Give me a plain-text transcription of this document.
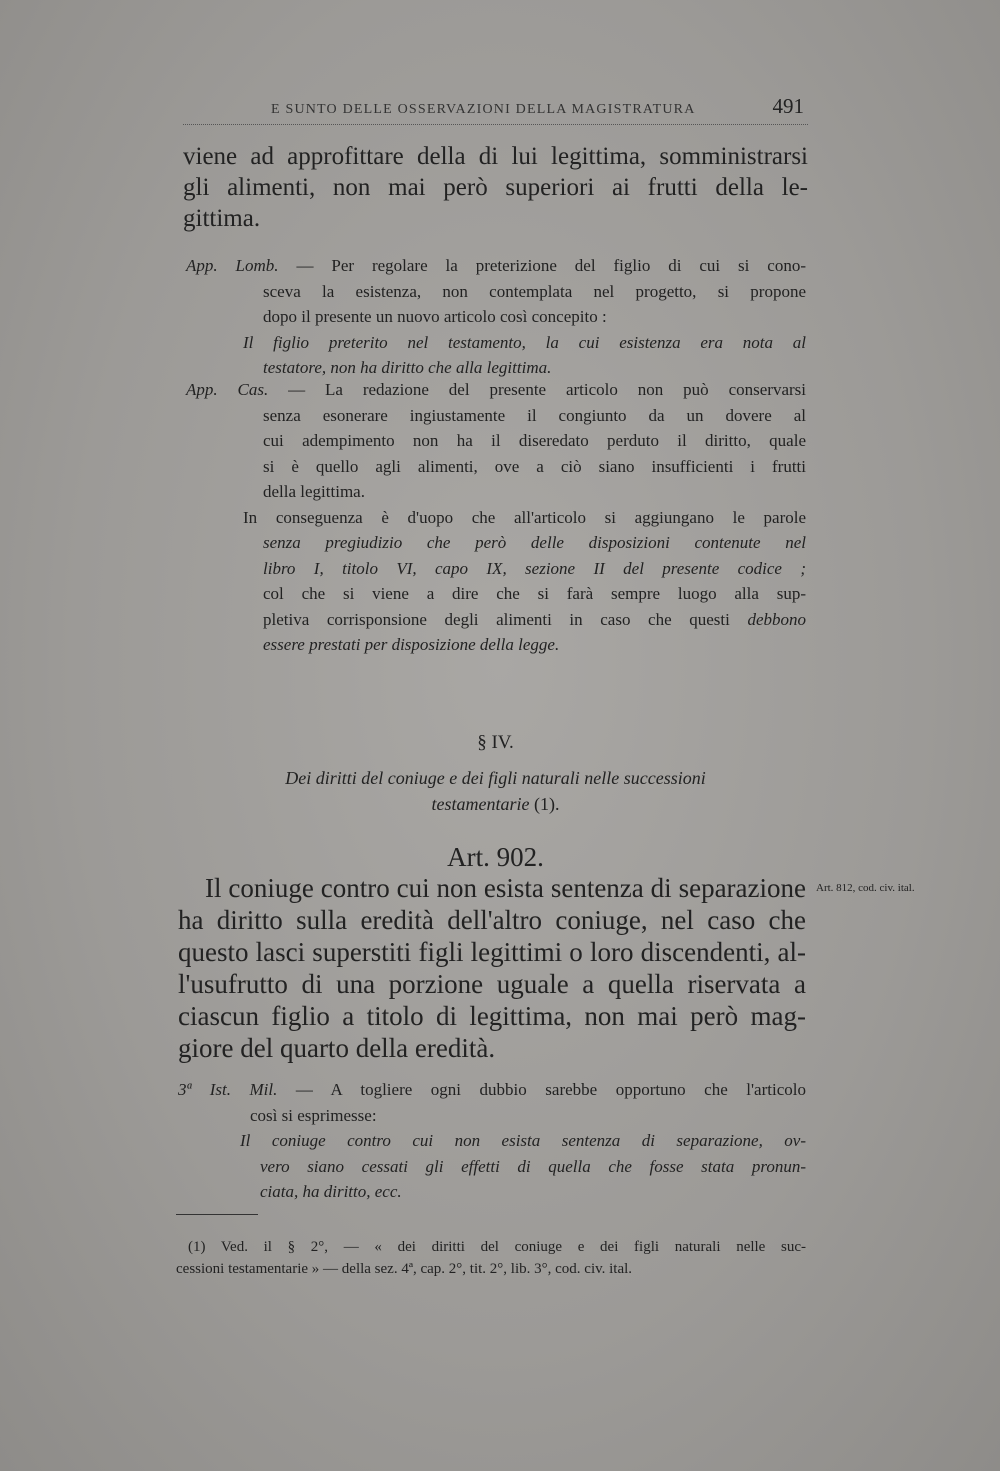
E SUNTO DELLE OSSERVAZIONI DELLA MAGISTRATURA	491
viene ad approfittare della di lui legittima, somministrarsi
gli alimenti, non mai però superiori ai frutti della le-
gittima.
App. Lomb. — Per regolare la preterizione del figlio di cui si cono-
sceva la esistenza, non contemplata nel progetto, si propone
dopo il presente un nuovo articolo così concepito :
Il figlio preterito nel testamento, la cui esistenza era nota al
testatore, non ha diritto che alla legittima.
App. Cas. — La redazione del presente articolo non può conservarsi
senza esonerare ingiustamente il congiunto da un dovere al
cui adempimento non ha il diseredato perduto il diritto, quale
si è quello agli alimenti, ove a ciò siano insufficienti i frutti
della legittima.
In conseguenza è d'uopo che all'articolo si aggiungano le parole
senza pregiudizio che però delle disposizioni contenute nel
libro I, titolo VI, capo IX, sezione II del presente codice ;
col che si viene a dire che si farà sempre luogo alla sup-
pletiva corrisponsione degli alimenti in caso che questi debbono
essere prestati per disposizione della legge.
§ IV.
Dei diritti del coniuge e dei figli naturali nelle successioni
testamentarie (1).
Art. 902.
Il coniuge contro cui non esista sentenza di separazione
ha diritto sulla eredità dell'altro coniuge, nel caso che
questo lasci superstiti figli legittimi o loro discendenti, al-
l'usufrutto di una porzione uguale a quella riservata a
ciascun figlio a titolo di legittima, non mai però mag-
giore del quarto della eredità.
Art. 812, cod. civ. ital.
3ª Ist. Mil. — A togliere ogni dubbio sarebbe opportuno che l'articolo
così si esprimesse:
Il coniuge contro cui non esista sentenza di separazione, ov-
vero siano cessati gli effetti di quella che fosse stata pronun-
ciata, ha diritto, ecc.
(1) Ved. il § 2°, — « dei diritti del coniuge e dei figli naturali nelle suc-
cessioni testamentarie » — della sez. 4ª, cap. 2°, tit. 2°, lib. 3°, cod. civ. ital.
